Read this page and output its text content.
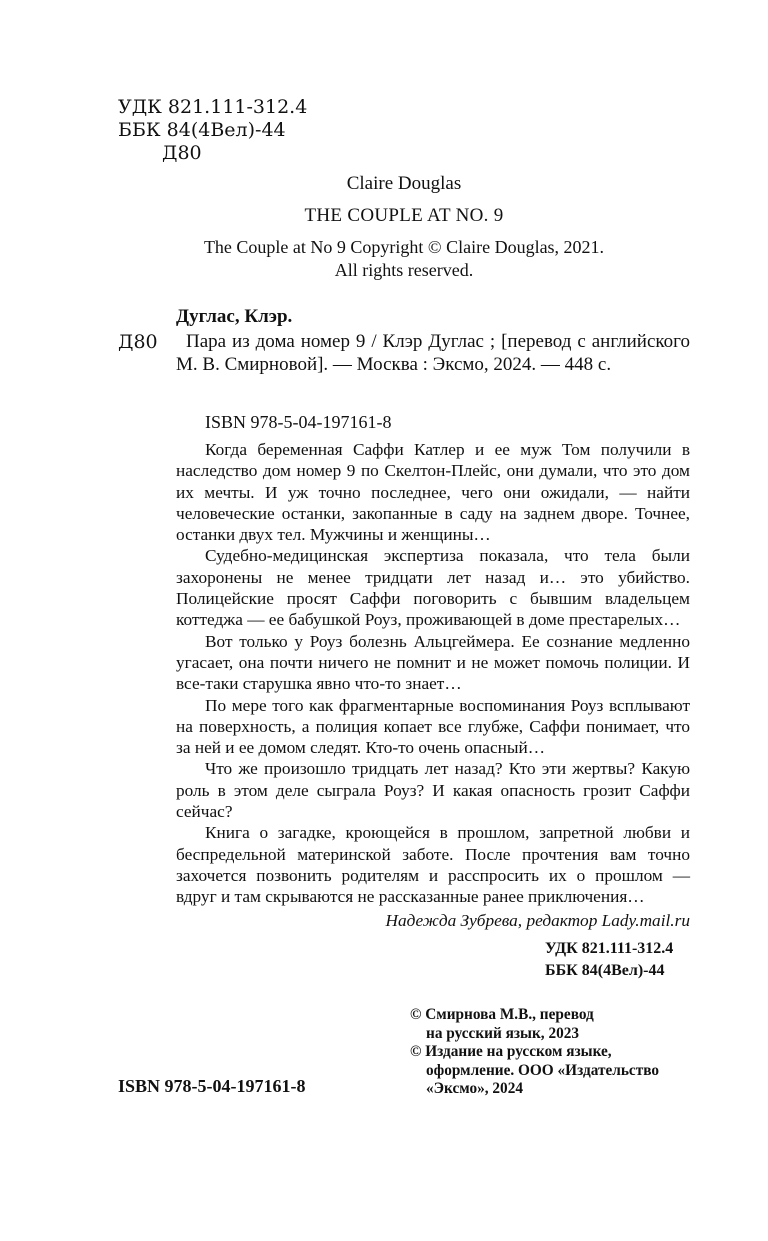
УДК 821.111-312.4
ББК 84(4Вел)-44
Д80
Claire Douglas
THE COUPLE AT NO. 9
The Couple at No 9 Copyright © Claire Douglas, 2021.
All rights reserved.
Дуглас, Клэр.
Д80	Пара из дома номер 9 / Клэр Дуглас ; [перевод с английского М. В. Смирновой]. — Москва : Эксмо, 2024. — 448 с.
ISBN 978-5-04-197161-8

Когда беременная Саффи Катлер и ее муж Том получили в наследство дом номер 9 по Скелтон-Плейс, они думали, что это дом их мечты. И уж точно последнее, чего они ожидали, — найти человеческие останки, закопанные в саду на заднем дворе. Точнее, останки двух тел. Мужчины и женщины…

Судебно-медицинская экспертиза показала, что тела были захоронены не менее тридцати лет назад и… это убийство. Полицейские просят Саффи поговорить с бывшим владельцем коттеджа — ее бабушкой Роуз, проживающей в доме престарелых…

Вот только у Роуз болезнь Альцгеймера. Ее сознание медленно угасает, она почти ничего не помнит и не может помочь полиции. И все-таки старушка явно что-то знает…

По мере того как фрагментарные воспоминания Роуз всплывают на поверхность, а полиция копает все глубже, Саффи понимает, что за ней и ее домом следят. Кто-то очень опасный…

Что же произошло тридцать лет назад? Кто эти жертвы? Какую роль в этом деле сыграла Роуз? И какая опасность грозит Саффи сейчас?

Книга о загадке, кроющейся в прошлом, запретной любви и беспредельной материнской заботе. После прочтения вам точно захочется позвонить родителям и расспросить их о прошлом — вдруг и там скрываются не рассказанные ранее приключения…

Надежда Зубрева, редактор Lady.mail.ru
УДК 821.111-312.4
ББК 84(4Вел)-44
© Смирнова М.В., перевод
на русский язык, 2023
© Издание на русском языке,
оформление. ООО «Издательство
«Эксмо», 2024
ISBN 978-5-04-197161-8
